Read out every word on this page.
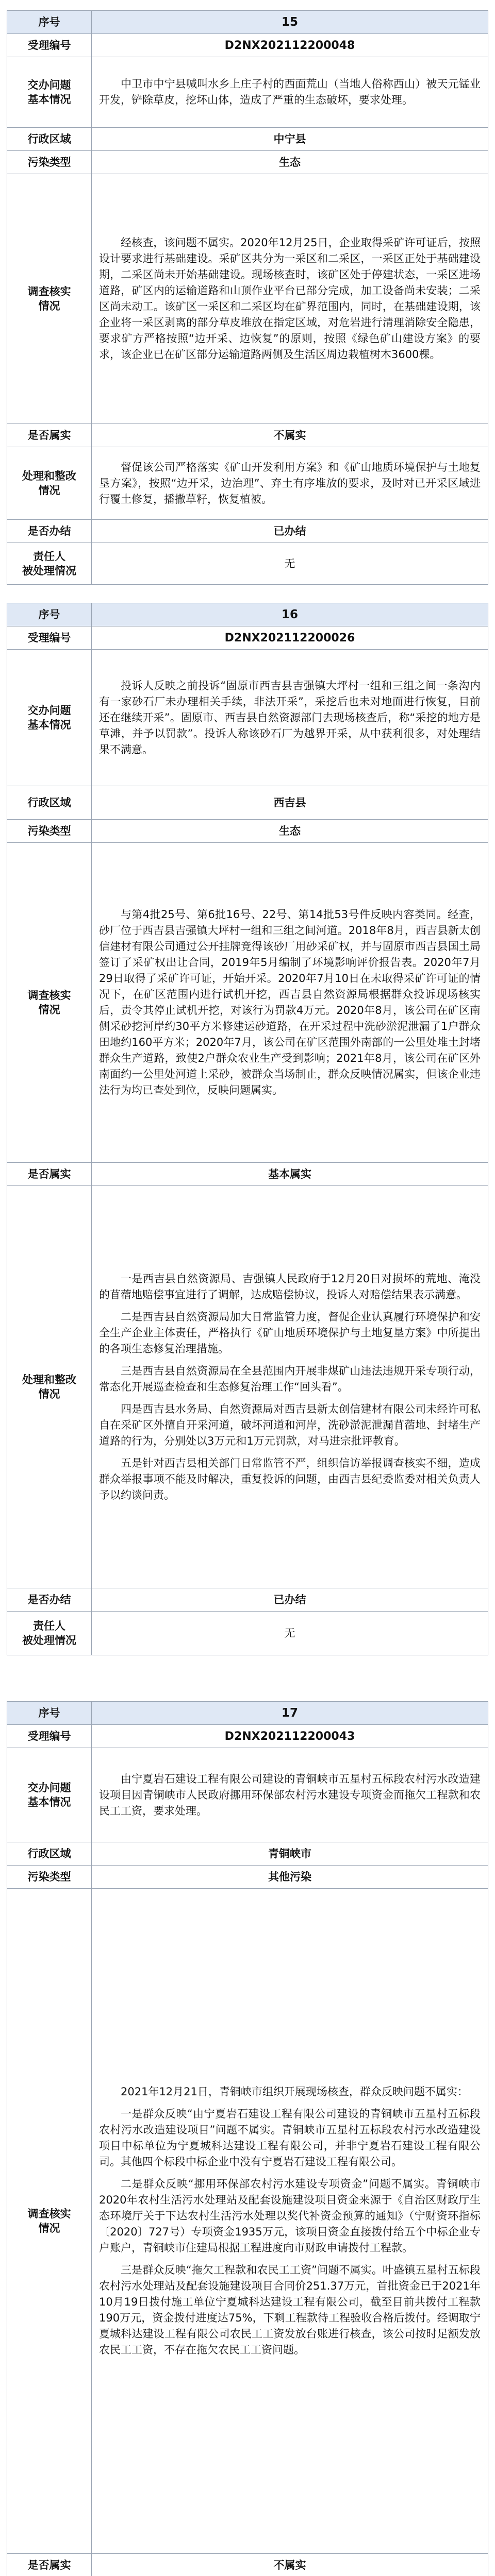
序号	15
受理编号	D2NX202112200048
交办问题
基本情况

中卫市中宁县喊叫水乡上庄子村的西面荒山（当地人俗称西山）被天元锰业开发，铲除草皮，挖坏山体，造成了严重的生态破坏，要求处理。

行政区域	中宁县
污染类型	生态
调查核实
情况

经核查，该问题不属实。2020年12月25日，企业取得采矿许可证后，按照设计要求进行基础建设。采矿区共分为一采区和二采区，一采区正处于基础建设期，二采区尚未开始基础建设。现场核查时，该矿区处于停建状态，一采区进场道路，矿区内的运输道路和山顶作业平台已部分完成，加工设备尚未安装；二采区尚未动工。该矿区一采区和二采区均在矿界范围内，同时，在基础建设期，该企业将一采区剥离的部分草皮堆放在指定区域，对危岩进行清理消除安全隐患，要求矿方严格按照“边开采、边恢复”的原则，按照《绿色矿山建设方案》的要求，该企业已在矿区部分运输道路两侧及生活区周边栽植树木3600棵。

是否属实	不属实
处理和整改
情况

督促该公司严格落实《矿山开发利用方案》和《矿山地质环境保护与土地复垦方案》，按照“边开采，边治理”、弃土有序堆放的要求，及时对已开采区域进行覆土修复，播撒草籽，恢复植被。

是否办结	已办结
责任人
被处理情况
无
序号	16
受理编号	D2NX202112200026
交办问题
基本情况

投诉人反映之前投诉“固原市西吉县吉强镇大坪村一组和三组之间一条沟内有一家砂石厂未办理相关手续，非法开采”，采挖后也未对地面进行恢复，目前还在继续开采”。固原市、西吉县自然资源部门去现场核查后，称“采挖的地方是草滩，并予以罚款”。投诉人称该砂石厂为越界开采，从中获利很多，对处理结果不满意。

行政区域	西吉县
污染类型	生态
调查核实
情况

与第4批25号、第6批16号、22号、第14批53号件反映内容类同。经查，砂厂位于西吉县吉强镇大坪村一组和三组之间河道。2018年8月，西吉县新太创信建材有限公司通过公开挂牌竞得该砂厂用砂采矿权，并与固原市西吉县国土局签订了采矿权出让合同，2019年5月编制了环境影响评价报告表。2020年7月29日取得了采矿许可证，开始开采。2020年7月10日在未取得采矿许可证的情况下，在矿区范围内进行试机开挖，西吉县自然资源局根据群众投诉现场核实后，责令其停止试机开挖，对该行为罚款4万元。2020年8月，该公司在矿区南侧采砂挖河岸约30平方米修建运砂道路，在开采过程中洗砂淤泥泄漏了1户群众田地约160平方米；2020年7月，该公司在矿区范围外南部的一公里处堆土封堵群众生产道路，致使2户群众农业生产受到影响；2021年8月，该公司在矿区外南面约一公里处河道上采砂，被群众当场制止，群众反映情况属实，但该企业违法行为均已查处到位，反映问题属实。

是否属实	基本属实
处理和整改
情况

一是西吉县自然资源局、吉强镇人民政府于12月20日对损坏的荒地、淹没的苜蓿地赔偿事宜进行了调解，达成赔偿协议，投诉人对赔偿结果表示满意。

二是西吉县自然资源局加大日常监管力度，督促企业认真履行环境保护和安全生产企业主体责任，严格执行《矿山地质环境保护与土地复垦方案》中所提出的各项生态修复治理措施。

三是西吉县自然资源局在全县范围内开展非煤矿山违法违规开采专项行动，常态化开展巡查检查和生态修复治理工作“回头看”。

四是西吉县水务局、自然资源局对西吉县新太创信建材有限公司未经许可私自在采矿区外擅自开采河道，破坏河道和河岸，洗砂淤泥泄漏苜蓿地、封堵生产道路的行为，分别处以3万元和1万元罚款，对马进宗批评教育。

五是针对西吉县相关部门日常监管不严，组织信访举报调查核实不细，造成群众举报事项不能及时解决，重复投诉的问题，由西吉县纪委监委对相关负责人予以约谈问责。

是否办结	已办结
责任人
被处理情况
无
序号	17
受理编号	D2NX202112200043
交办问题
基本情况

由宁夏岩石建设工程有限公司建设的青铜峡市五星村五标段农村污水改造建设项目因青铜峡市人民政府挪用环保部农村污水建设专项资金而拖欠工程款和农民工工资，要求处理。

行政区域	青铜峡市
污染类型	其他污染
调查核实
情况

2021年12月21日，青铜峡市组织开展现场核查，群众反映问题不属实：

一是群众反映“由宁夏岩石建设工程有限公司建设的青铜峡市五星村五标段农村污水改造建设项目”问题不属实。青铜峡市五星村五标段农村污水改造建设项目中标单位为宁夏城科达建设工程有限公司，并非宁夏岩石建设工程有限公司。其他四个标段中标企业中没有宁夏岩石建设工程有限公司。

二是群众反映“挪用环保部农村污水建设专项资金”问题不属实。青铜峡市2020年农村生活污水处理站及配套设施建设项目资金来源于《自治区财政厅生态环境厅关于下达农村生活污水处理以奖代补资金预算的通知》（宁财资环指标〔2020〕727号）专项资金1935万元，该项目资金直接拨付给五个中标企业专户账户，青铜峡市住建局根据工程进度向市财政申请拨付工程款。

三是群众反映“拖欠工程款和农民工工资”问题不属实。叶盛镇五星村五标段农村污水处理站及配套设施建设项目合同价251.37万元，首批资金已于2021年10月19日拨付施工单位宁夏城科达建设工程有限公司，截至目前共拨付工程款190万元，资金拨付进度达75%，下剩工程款待工程验收合格后拨付。经调取宁夏城科达建设工程有限公司农民工工资发放台账进行核查，该公司按时足额发放农民工工资，不存在拖欠农民工工资问题。

是否属实	不属实
